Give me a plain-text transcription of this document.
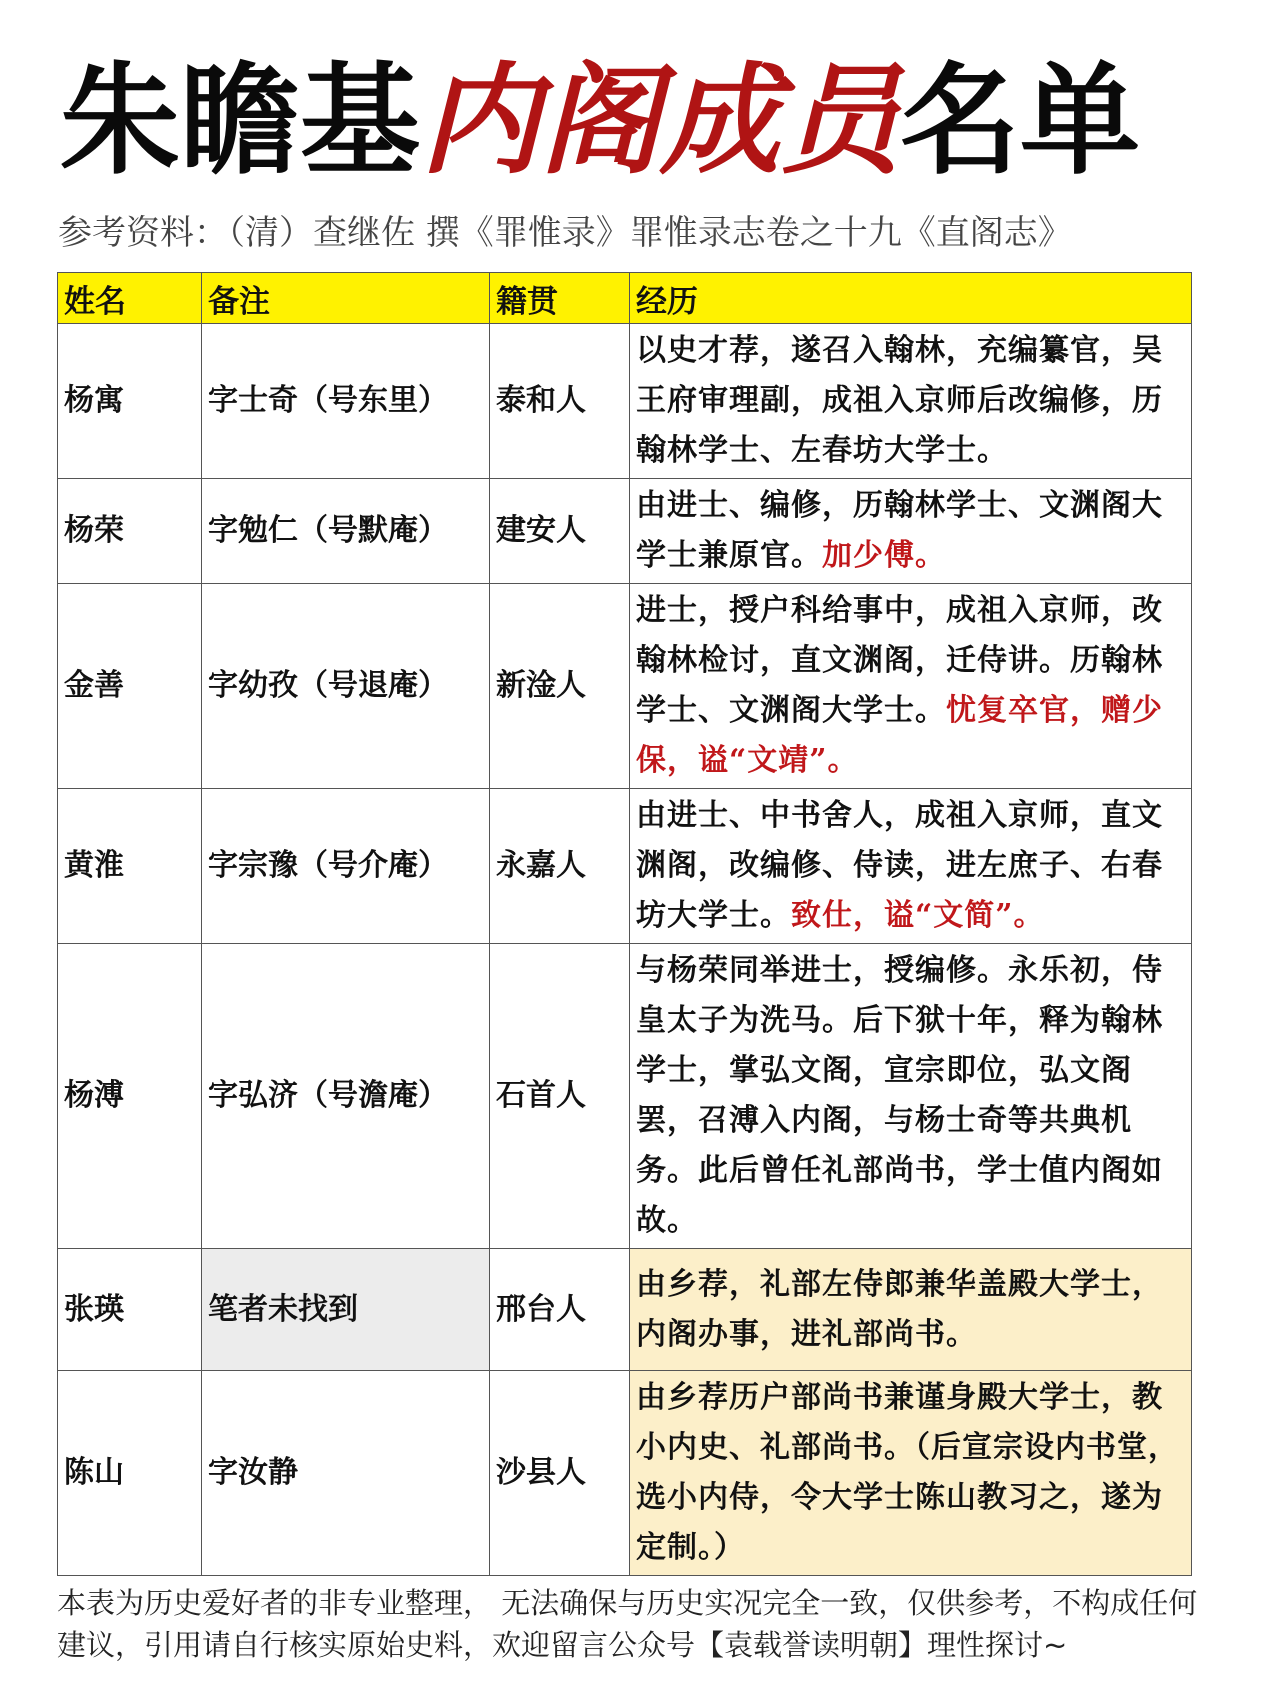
朱瞻基内阁成员名单
参考资料：（清）查继佐 撰《罪惟录》罪惟录志卷之十九《直阁志》
姓名	备注	籍贯	经历
杨寓	字士奇（号东里）	泰和人	以史才荐，遂召入翰林，充编纂官，吴王府审理副，成祖入京师后改编修，历翰林学士、左春坊大学士。
杨荣	字勉仁（号默庵）	建安人	由进士、编修，历翰林学士、文渊阁大学士兼原官。加少傅。
金善	字幼孜（号退庵）	新淦人	进士，授户科给事中，成祖入京师，改翰林检讨，直文渊阁，迁侍讲。历翰林学士、文渊阁大学士。忧复卒官，赠少保，谥“文靖”。
黄淮	字宗豫（号介庵）	永嘉人	由进士、中书舍人，成祖入京师，直文渊阁，改编修、侍读，进左庶子、右春坊大学士。致仕，谥“文简”。
杨溥	字弘济（号澹庵）	石首人	与杨荣同举进士，授编修。永乐初，侍皇太子为洗马。后下狱十年，释为翰林学士，掌弘文阁，宣宗即位，弘文阁罢，召溥入内阁，与杨士奇等共典机务。此后曾任礼部尚书，学士值内阁如故。
张瑛	笔者未找到	邢台人	由乡荐，礼部左侍郎兼华盖殿大学士，内阁办事，进礼部尚书。
陈山	字汝静	沙县人	由乡荐历户部尚书兼谨身殿大学士，教小内史、礼部尚书。（后宣宗设内书堂，选小内侍，令大学士陈山教习之，遂为定制。）
本表为历史爱好者的非专业整理， 无法确保与历史实况完全一致，仅供参考，不构成任何建议，引用请自行核实原始史料，欢迎留言公众号【袁载誉读明朝】理性探讨~
